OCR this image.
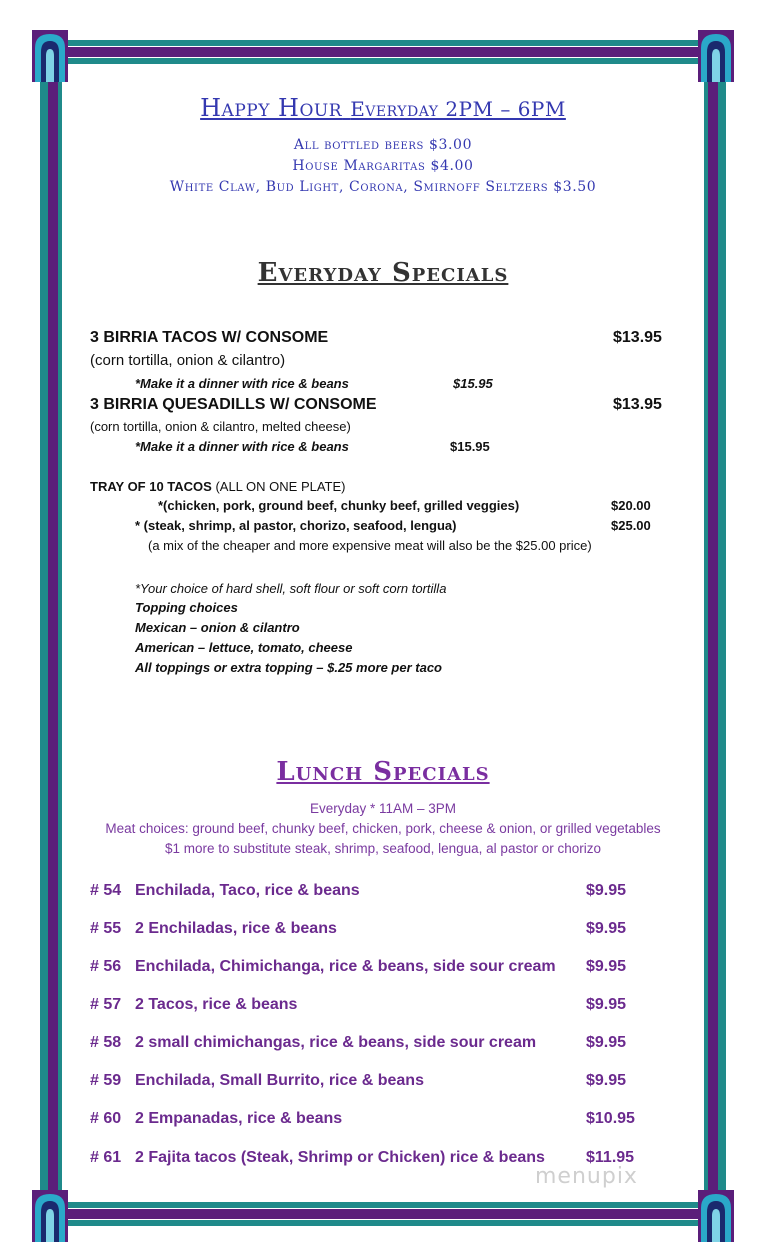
Happy Hour Everyday 2PM – 6PM
All bottled beers $3.00
House Margaritas $4.00
White Claw, Bud Light, Corona, Smirnoff Seltzers $3.50
Everyday Specials
3 BIRRIA TACOS W/ CONSOME	$13.95
(corn tortilla, onion & cilantro)
*Make it a dinner with rice & beans	$15.95
3 BIRRIA QUESADILLS W/ CONSOME	$13.95
(corn tortilla, onion & cilantro, melted cheese)
*Make it a dinner with rice & beans	$15.95
TRAY OF 10 TACOS (ALL ON ONE PLATE)
*(chicken, pork, ground beef, chunky beef, grilled veggies)	$20.00
* (steak, shrimp, al pastor, chorizo, seafood, lengua)	$25.00
(a mix of the cheaper and more expensive meat will also be the $25.00 price)
*Your choice of hard shell, soft flour or soft corn tortilla
Topping choices
Mexican – onion & cilantro
American – lettuce, tomato, cheese
All toppings or extra topping – $.25 more per taco
Lunch Specials
Everyday * 11AM – 3PM
Meat choices: ground beef, chunky beef, chicken, pork, cheese & onion, or grilled vegetables
$1 more to substitute steak, shrimp, seafood, lengua, al pastor or chorizo
# 54 Enchilada, Taco, rice & beans	$9.95
# 55 2 Enchiladas, rice & beans	$9.95
# 56 Enchilada, Chimichanga, rice & beans, side sour cream $9.95
# 57 2 Tacos, rice & beans	$9.95
# 58 2 small chimichangas, rice & beans, side sour cream	$9.95
# 59 Enchilada, Small Burrito, rice & beans	$9.95
# 60 2 Empanadas, rice & beans	$10.95
# 61 2 Fajita tacos (Steak, Shrimp or Chicken) rice & beans	$11.95
menupix
